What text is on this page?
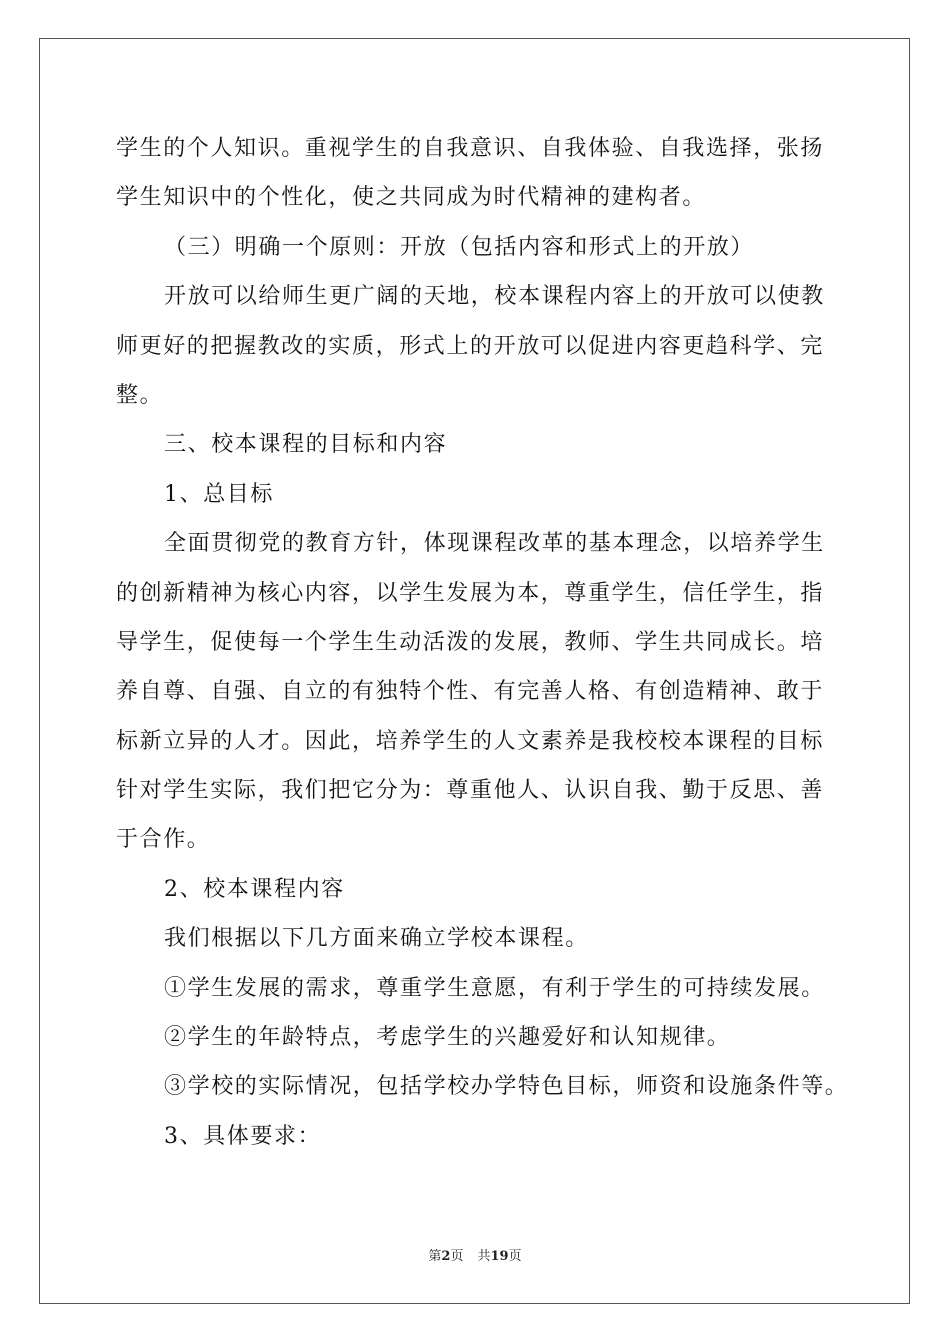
学生的个人知识。重视学生的自我意识、自我体验、自我选择，张扬
学生知识中的个性化，使之共同成为时代精神的建构者。
（三）明确一个原则：开放（包括内容和形式上的开放）
开放可以给师生更广阔的天地，校本课程内容上的开放可以使教
师更好的把握教改的实质，形式上的开放可以促进内容更趋科学、完
整。
三、校本课程的目标和内容
1、总目标
全面贯彻党的教育方针，体现课程改革的基本理念，以培养学生
的创新精神为核心内容，以学生发展为本，尊重学生，信任学生，指
导学生，促使每一个学生生动活泼的发展，教师、学生共同成长。培
养自尊、自强、自立的有独特个性、有完善人格、有创造精神、敢于
标新立异的人才。因此，培养学生的人文素养是我校校本课程的目标
针对学生实际，我们把它分为：尊重他人、认识自我、勤于反思、善
于合作。
2、校本课程内容
我们根据以下几方面来确立学校本课程。
①学生发展的需求，尊重学生意愿，有利于学生的可持续发展。
②学生的年龄特点，考虑学生的兴趣爱好和认知规律。
③学校的实际情况，包括学校办学特色目标，师资和设施条件等。
3、具体要求：
第2页 共19页
